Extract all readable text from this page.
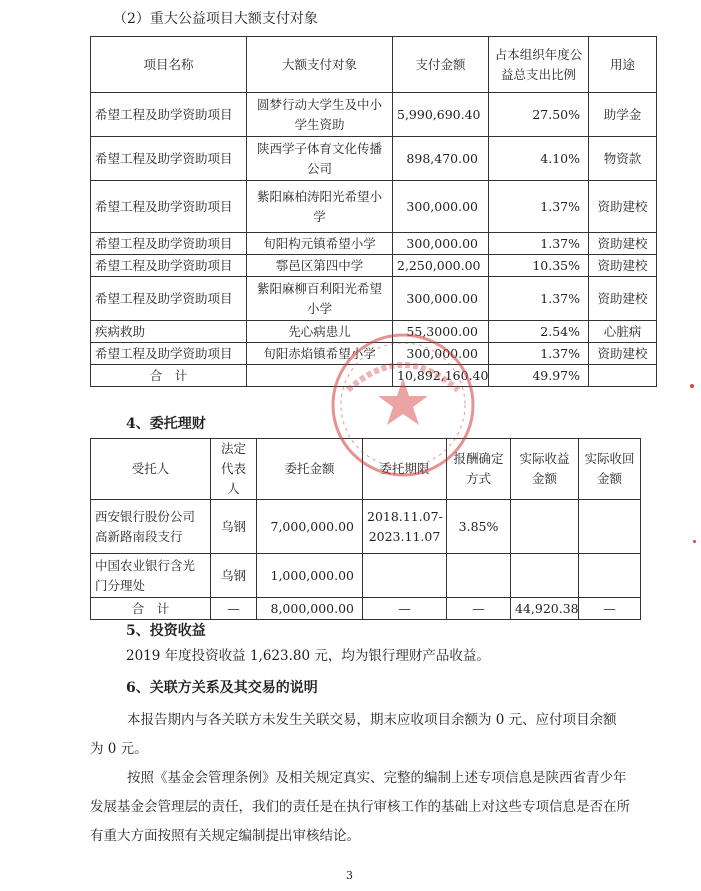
（2）重大公益项目大额支付对象
项目名称	大额支付对象	支付金额	占本组织年度公益总支出比例	用途
希望工程及助学资助项目	圆梦行动大学生及中小学生资助	5,990,690.40	27.50%	助学金
希望工程及助学资助项目	陕西学子体育文化传播公司	898,470.00	4.10%	物资款
希望工程及助学资助项目	紫阳麻柏涛阳光希望小学	300,000.00	1.37%	资助建校
希望工程及助学资助项目	旬阳构元镇希望小学	300,000.00	1.37%	资助建校
希望工程及助学资助项目	鄠邑区第四中学	2,250,000.00	10.35%	资助建校
希望工程及助学资助项目	紫阳麻柳百利阳光希望小学	300,000.00	1.37%	资助建校
疾病救助	先心病患儿	55,3000.00	2.54%	心脏病
希望工程及助学资助项目	旬阳赤焰镇希望小学	300,000.00	1.37%	资助建校
合　计		10,892,160.40	49.97%	
4、委托理财
受托人	法定代表人	委托金额	委托期限	报酬确定方式	实际收益金额	实际收回金额
西安银行股份公司高新路南段支行	乌钢	7,000,000.00	2018.11.07-2023.11.07	3.85%		
中国农业银行含光门分理处	乌钢	1,000,000.00				
合　计	—	8,000,000.00	—	—	44,920.38	—
5、投资收益
2019 年度投资收益 1,623.80 元，均为银行理财产品收益。
6、关联方关系及其交易的说明
本报告期内与各关联方未发生关联交易，期末应收项目余额为 0 元、应付项目余额为 0 元。
按照《基金会管理条例》及相关规定真实、完整的编制上述专项信息是陕西省青少年发展基金会管理层的责任，我们的责任是在执行审核工作的基础上对这些专项信息是否在所有重大方面按照有关规定编制提出审核结论。
3
